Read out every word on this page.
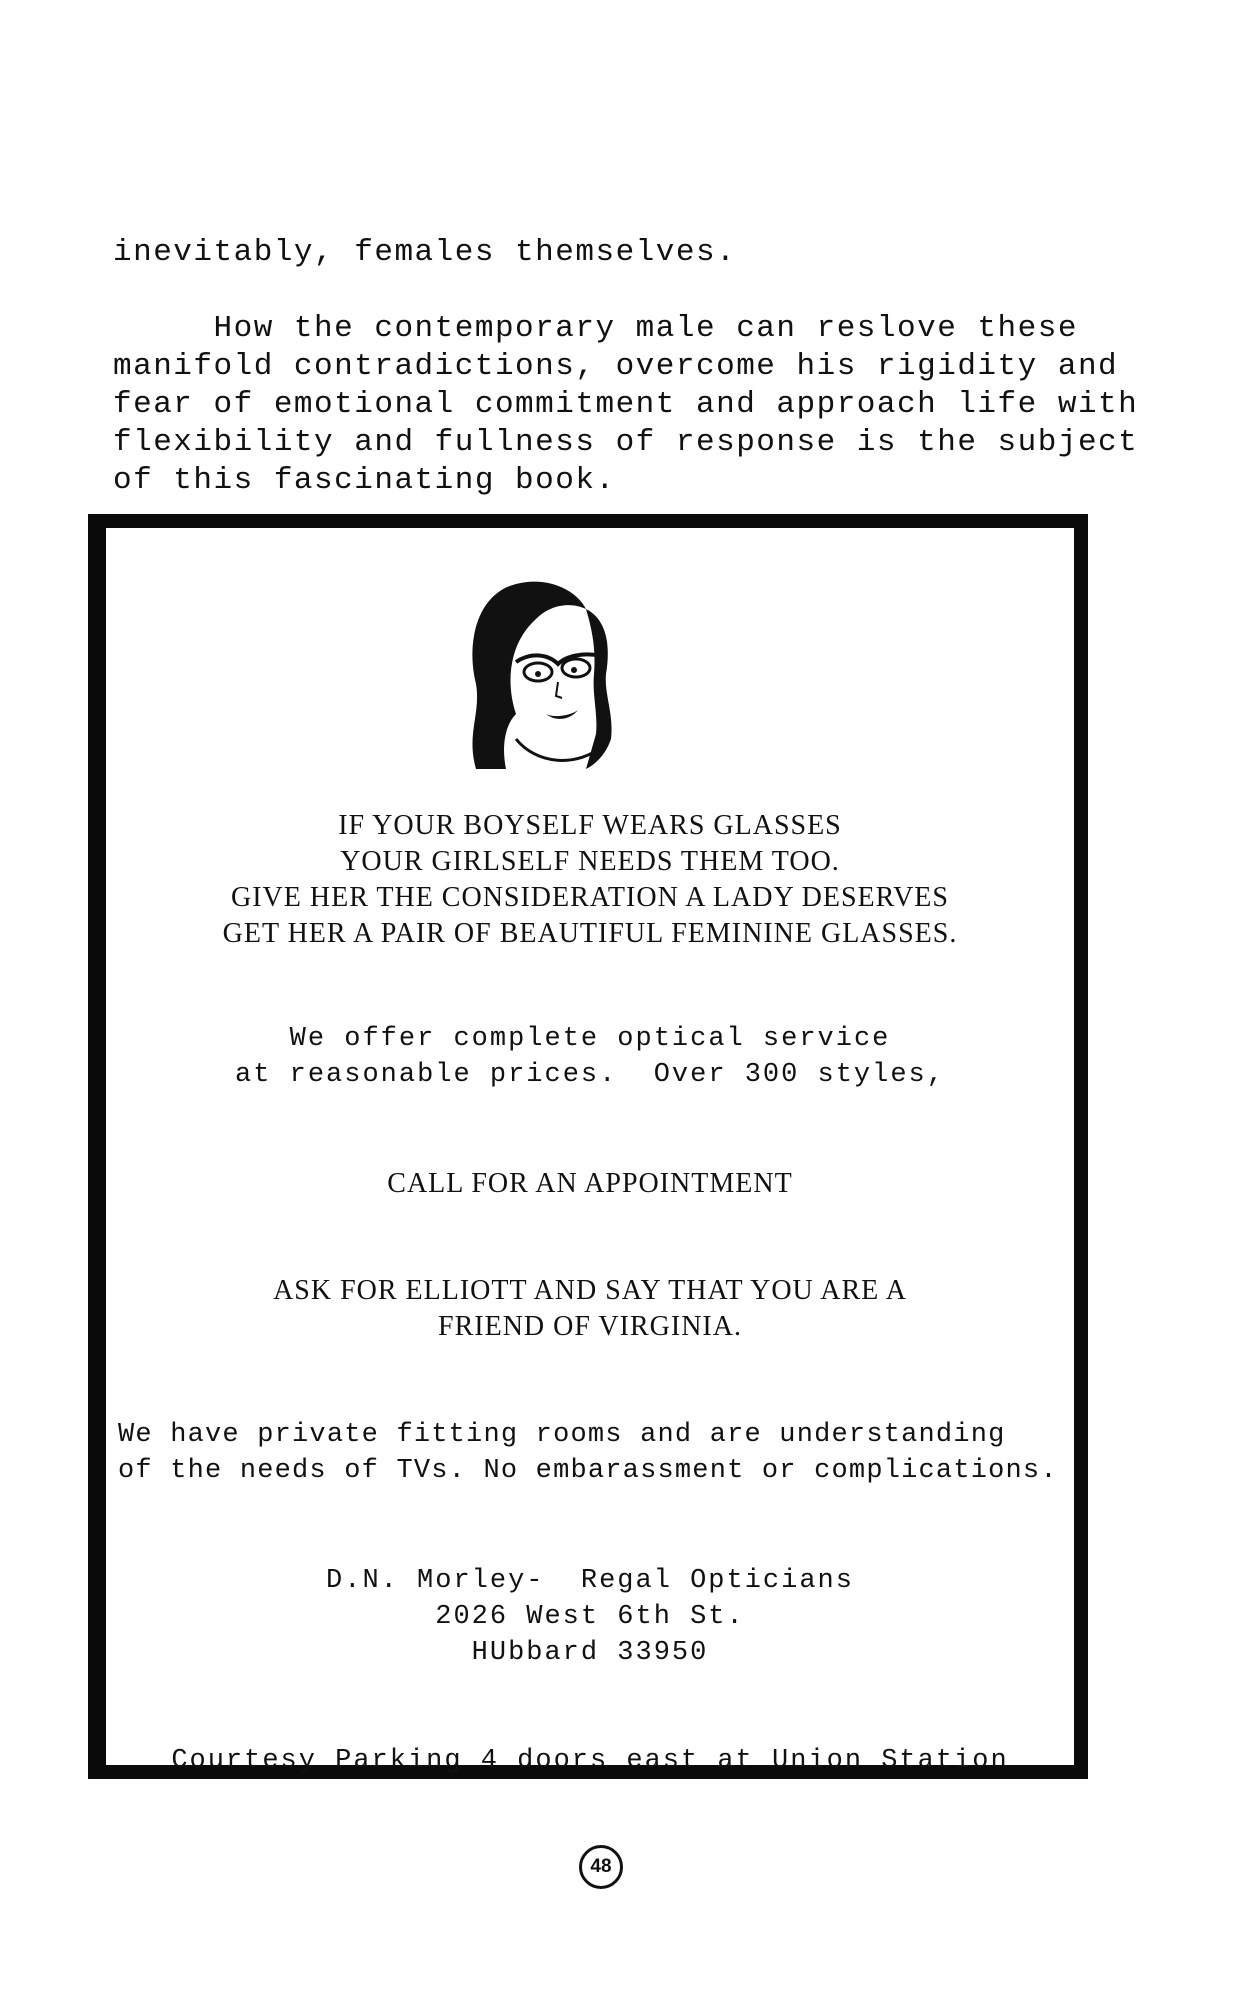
inevitably, females themselves.

How the contemporary male can reslove these
manifold contradictions, overcome his rigidity and
fear of emotional commitment and approach life with
flexibility and fullness of response is the subject
of this fascinating book.

IF YOUR BOYSELF WEARS GLASSES

YOUR GIRLSELF NEEDS THEM TOO.

GIVE HER THE CONSIDERATION A LADY DESERVES

GET HER A PAIR OF BEAUTIFUL FEMININE GLASSES.

We offer complete optical service

at reasonable prices.  Over 300 styles,

CALL FOR AN APPOINTMENT

ASK FOR ELLIOTT AND SAY THAT YOU ARE A

FRIEND OF VIRGINIA.

We have private fitting rooms and are understanding

of the needs of TVs. No embarassment or complications.

D.N. Morley-  Regal Opticians

2026 West 6th St.

HUbbard 33950

Courtesy Parking 4 doors east at Union Station

48
